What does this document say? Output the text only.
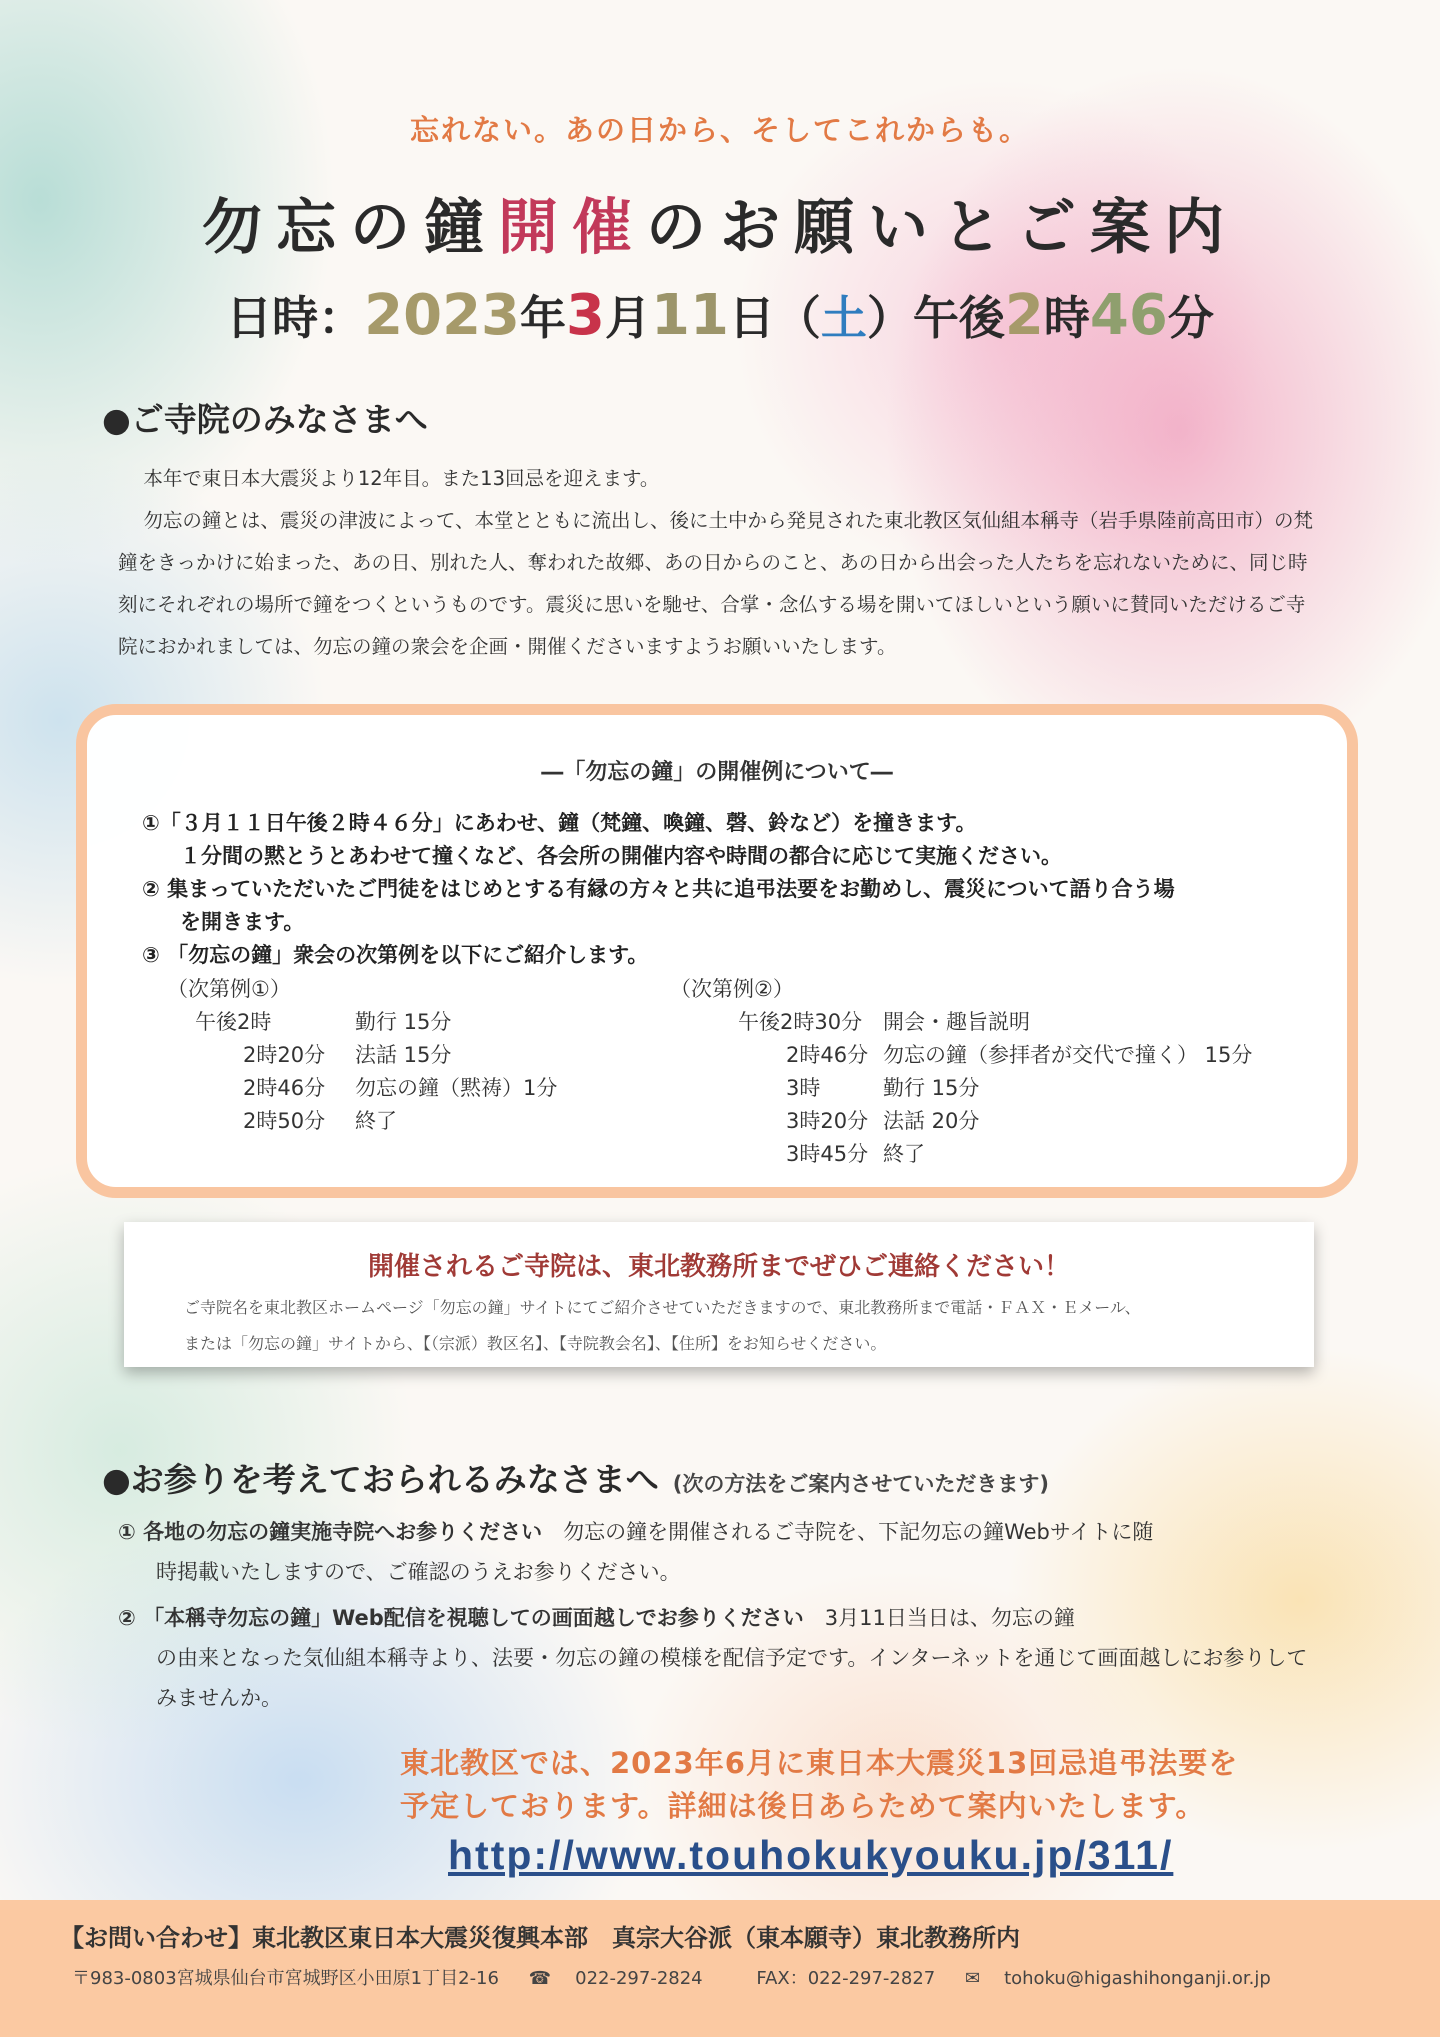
忘れない。あの日から、そしてこれからも。
勿忘の鐘開催のお願いとご案内
日時：2023年3月11日（土）午後2時46分
●ご寺院のみなさまへ

本年で東日本大震災より12年目。また13回忌を迎えます。

勿忘の鐘とは、震災の津波によって、本堂とともに流出し、後に土中から発見された東北教区気仙組本稱寺（岩手県陸前高田市）の梵鐘をきっかけに始まった、あの日、別れた人、奪われた故郷、あの日からのこと、あの日から出会った人たちを忘れないために、同じ時刻にそれぞれの場所で鐘をつくというものです。震災に思いを馳せ、合掌・念仏する場を開いてほしいという願いに賛同いただけるご寺院におかれましては、勿忘の鐘の衆会を企画・開催くださいますようお願いいたします。

―「勿忘の鐘」の開催例について―
①「３月１１日午後２時４６分」にあわせ、鐘（梵鐘、喚鐘、磬、鈴など）を撞きます。
１分間の黙とうとあわせて撞くなど、各会所の開催内容や時間の都合に応じて実施ください。
② 集まっていただいたご門徒をはじめとする有縁の方々と共に追弔法要をお勤めし、震災について語り合う場
を開きます。
③ 「勿忘の鐘」衆会の次第例を以下にご紹介します。
（次第例①）
午後2時	勤行 15分
2時20分	法話 15分
2時46分	勿忘の鐘（黙祷）1分
2時50分	終了
（次第例②）
午後2時30分	開会・趣旨説明
2時46分	勿忘の鐘（参拝者が交代で撞く） 15分
3時	勤行 15分
3時20分	法話 20分
3時45分	終了
開催されるご寺院は、東北教務所までぜひご連絡ください！
ご寺院名を東北教区ホームページ「勿忘の鐘」サイトにてご紹介させていただきますので、東北教務所まで電話・ＦＡＸ・Ｅメール、
または「勿忘の鐘」サイトから、【（宗派）教区名】、【寺院教会名】、【住所】をお知らせください。
●お参りを考えておられるみなさまへ (次の方法をご案内させていただきます)
① 各地の勿忘の鐘実施寺院へお参りください　 勿忘の鐘を開催されるご寺院を、下記勿忘の鐘Webサイトに随
時掲載いたしますので、ご確認のうえお参りください。
② 「本稱寺勿忘の鐘」Web配信を視聴しての画面越しでお参りください　 3月11日当日は、勿忘の鐘
の由来となった気仙組本稱寺より、法要・勿忘の鐘の模様を配信予定です。インターネットを通じて画面越しにお参りして
みませんか。
東北教区では、2023年6月に東日本大震災13回忌追弔法要を
予定しております。詳細は後日あらためて案内いたします。
http://www.touhokukyouku.jp/311/
【お問い合わせ】東北教区東日本大震災復興本部　真宗大谷派（東本願寺）東北教務所内
〒983-0803宮城県仙台市宮城野区小田原1丁目2-16 ☎ 022-297-2824	FAX：022-297-2827 ✉ tohoku@higashihonganji.or.jp
